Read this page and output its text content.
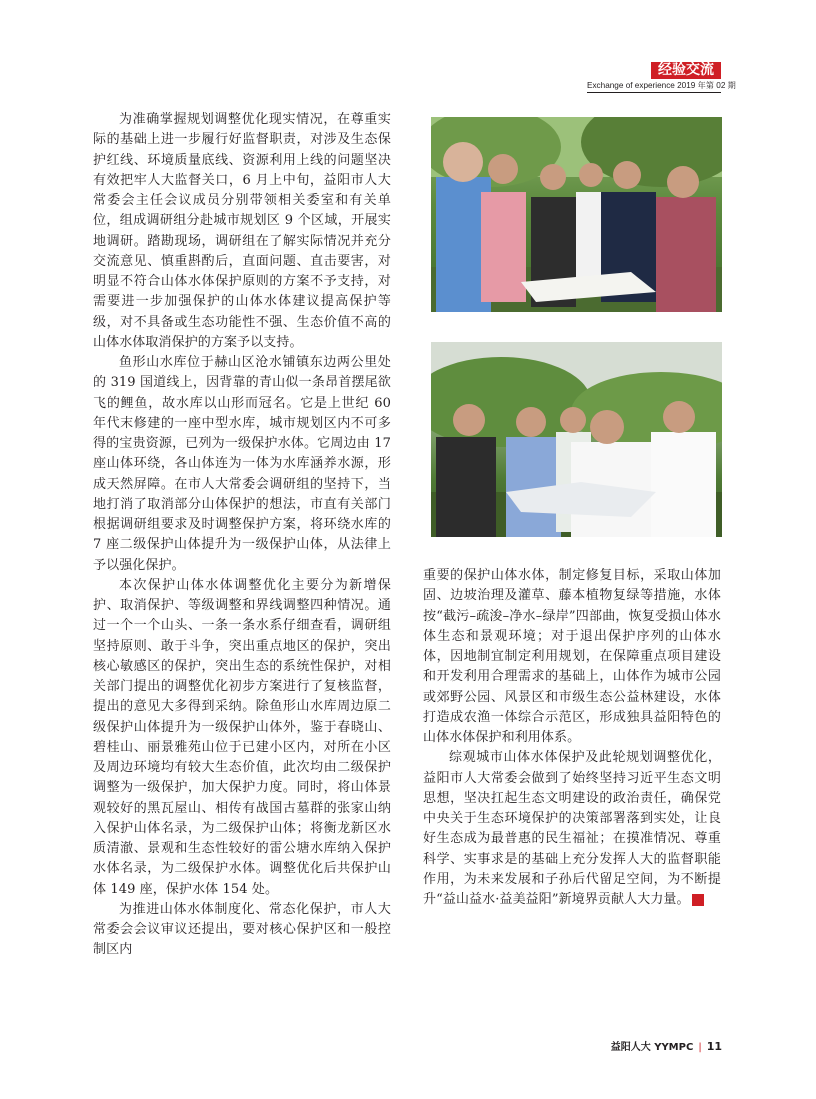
经验交流
Exchange of experience 2019 年第 02 期

为准确掌握规划调整优化现实情况，在尊重实际的基础上进一步履行好监督职责，对涉及生态保护红线、环境质量底线、资源利用上线的问题坚决有效把牢人大监督关口，6 月上中旬，益阳市人大常委会主任会议成员分别带领相关委室和有关单位，组成调研组分赴城市规划区 9 个区域，开展实地调研。踏勘现场，调研组在了解实际情况并充分交流意见、慎重斟酌后，直面问题、直击要害，对明显不符合山体水体保护原则的方案不予支持，对需要进一步加强保护的山体水体建议提高保护等级，对不具备或生态功能性不强、生态价值不高的山体水体取消保护的方案予以支持。

鱼形山水库位于赫山区沧水铺镇东边两公里处的 319 国道线上，因背靠的青山似一条昂首摆尾欲飞的鲤鱼，故水库以山形而冠名。它是上世纪 60 年代末修建的一座中型水库，城市规划区内不可多得的宝贵资源，已列为一级保护水体。它周边由 17 座山体环绕，各山体连为一体为水库涵养水源，形成天然屏障。在市人大常委会调研组的坚持下，当地打消了取消部分山体保护的想法，市直有关部门根据调研组要求及时调整保护方案，将环绕水库的 7 座二级保护山体提升为一级保护山体，从法律上予以强化保护。

本次保护山体水体调整优化主要分为新增保护、取消保护、等级调整和界线调整四种情况。通过一个一个山头、一条一条水系仔细查看，调研组坚持原则、敢于斗争，突出重点地区的保护，突出核心敏感区的保护，突出生态的系统性保护，对相关部门提出的调整优化初步方案进行了复核监督，提出的意见大多得到采纳。除鱼形山水库周边原二级保护山体提升为一级保护山体外，鉴于春晓山、碧桂山、丽景雅苑山位于已建小区内，对所在小区及周边环境均有较大生态价值，此次均由二级保护调整为一级保护，加大保护力度。同时，将山体景观较好的黑瓦屋山、相传有战国古墓群的张家山纳入保护山体名录，为二级保护山体；将衡龙新区水质清澈、景观和生态性较好的雷公塘水库纳入保护水体名录，为二级保护水体。调整优化后共保护山体 149 座，保护水体 154 处。

为推进山体水体制度化、常态化保护，市人大常委会会议审议还提出，要对核心保护区和一般控制区内

重要的保护山体水体，制定修复目标，采取山体加固、边坡治理及灌草、藤本植物复绿等措施，水体按“截污–疏浚–净水–绿岸”四部曲，恢复受损山体水体生态和景观环境；对于退出保护序列的山体水体，因地制宜制定利用规划，在保障重点项目建设和开发利用合理需求的基础上，山体作为城市公园或郊野公园、风景区和市级生态公益林建设，水体打造成农渔一体综合示范区，形成独具益阳特色的山体水体保护和利用体系。

综观城市山体水体保护及此轮规划调整优化，益阳市人大常委会做到了始终坚持习近平生态文明思想，坚决扛起生态文明建设的政治责任，确保党中央关于生态环境保护的决策部署落到实处，让良好生态成为最普惠的民生福祉；在摸准情况、尊重科学、实事求是的基础上充分发挥人大的监督职能作用，为未来发展和子孙后代留足空间，为不断提升“益山益水·益美益阳”新境界贡献人大力量。	文

益阳人大 YYMPC | 11
